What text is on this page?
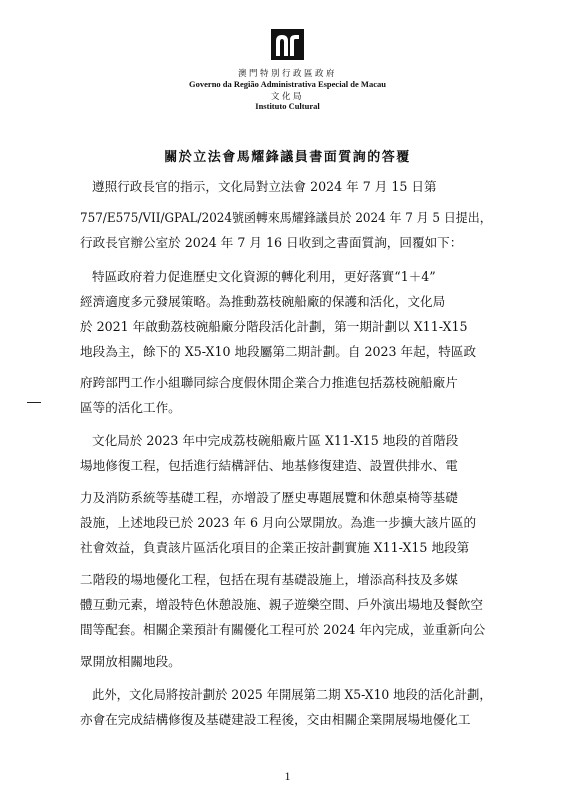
澳門特別行政區政府
Governo da Região Administrativa Especial de Macau
文化局
Instituto Cultural
關於立法會馬耀鋒議員書面質詢的答覆
遵照行政長官的指示，文化局對立法會 2024 年 7 月 15 日第
757/E575/VII/GPAL/2024號函轉來馬耀鋒議員於 2024 年 7 月 5 日提出，
行政長官辦公室於 2024 年 7 月 16 日收到之書面質詢，回覆如下：
特區政府着力促進歷史文化資源的轉化利用，更好落實“1＋4”
經濟適度多元發展策略。為推動荔枝碗船廠的保護和活化，文化局
於 2021 年啟動荔枝碗船廠分階段活化計劃，第一期計劃以 X11-X15
地段為主，餘下的 X5-X10 地段屬第二期計劃。自 2023 年起，特區政
府跨部門工作小組聯同綜合度假休閒企業合力推進包括荔枝碗船廠片
區等的活化工作。
文化局於 2023 年中完成荔枝碗船廠片區 X11-X15 地段的首階段
場地修復工程，包括進行結構評估、地基修復建造、設置供排水、電
力及消防系統等基礎工程，亦增設了歷史專題展覽和休憩桌椅等基礎
設施，上述地段已於 2023 年 6 月向公眾開放。為進一步擴大該片區的
社會效益，負責該片區活化項目的企業正按計劃實施 X11-X15 地段第
二階段的場地優化工程，包括在現有基礎設施上，增添高科技及多媒
體互動元素，增設特色休憩設施、親子遊樂空間、戶外演出場地及餐飲空
間等配套。相關企業預計有關優化工程可於 2024 年內完成，並重新向公
眾開放相關地段。
此外，文化局將按計劃於 2025 年開展第二期 X5-X10 地段的活化計劃，
亦會在完成結構修復及基礎建設工程後，交由相關企業開展場地優化工
1
